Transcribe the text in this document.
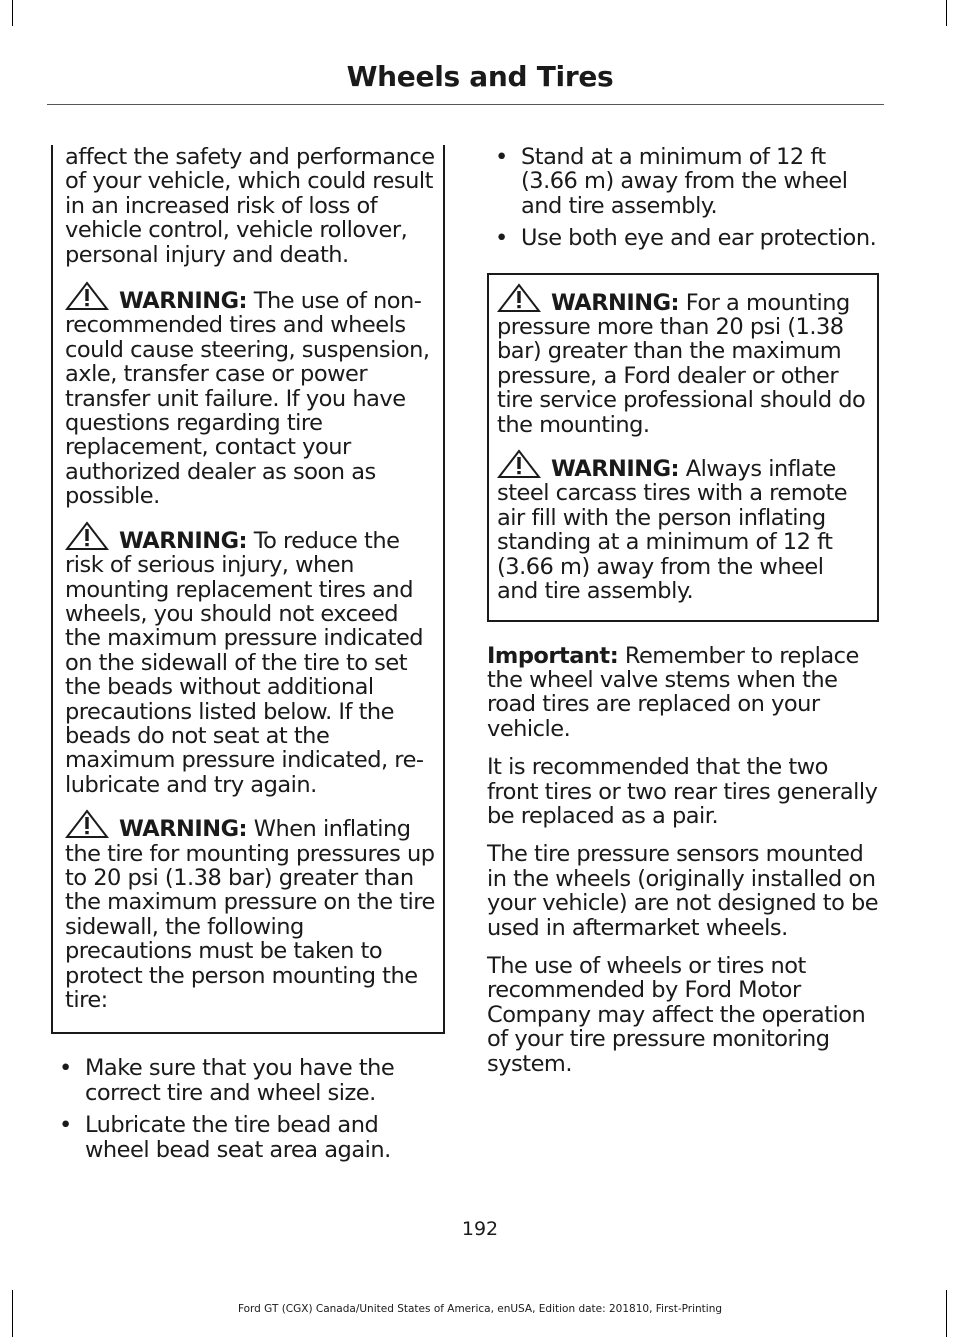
Wheels and Tires

affect the safety and performance of your vehicle, which could result in an increased risk of loss of vehicle control, vehicle rollover, personal injury and death.

WARNING: The use of non-recommended tires and wheels could cause steering, suspension, axle, transfer case or power transfer unit failure. If you have questions regarding tire replacement, contact your authorized dealer as soon as possible.

WARNING: To reduce the risk of serious injury, when mounting replacement tires and wheels, you should not exceed the maximum pressure indicated on the sidewall of the tire to set the beads without additional precautions listed below. If the beads do not seat at the maximum pressure indicated, re-lubricate and try again.

WARNING: When inflating the tire for mounting pressures up to 20 psi (1.38 bar) greater than the maximum pressure on the tire sidewall, the following precautions must be taken to protect the person mounting the tire:

• Make sure that you have the correct tire and wheel size.

• Lubricate the tire bead and wheel bead seat area again.

• Stand at a minimum of 12 ft (3.66 m) away from the wheel and tire assembly.

• Use both eye and ear protection.

WARNING: For a mounting pressure more than 20 psi (1.38 bar) greater than the maximum pressure, a Ford dealer or other tire service professional should do the mounting.

WARNING: Always inflate steel carcass tires with a remote air fill with the person inflating standing at a minimum of 12 ft (3.66 m) away from the wheel and tire assembly.

Important: Remember to replace the wheel valve stems when the road tires are replaced on your vehicle.

It is recommended that the two front tires or two rear tires generally be replaced as a pair.

The tire pressure sensors mounted in the wheels (originally installed on your vehicle) are not designed to be used in aftermarket wheels.

The use of wheels or tires not recommended by Ford Motor Company may affect the operation of your tire pressure monitoring system.

192
Ford GT (CGX) Canada/United States of America, enUSA, Edition date: 201810, First-Printing
